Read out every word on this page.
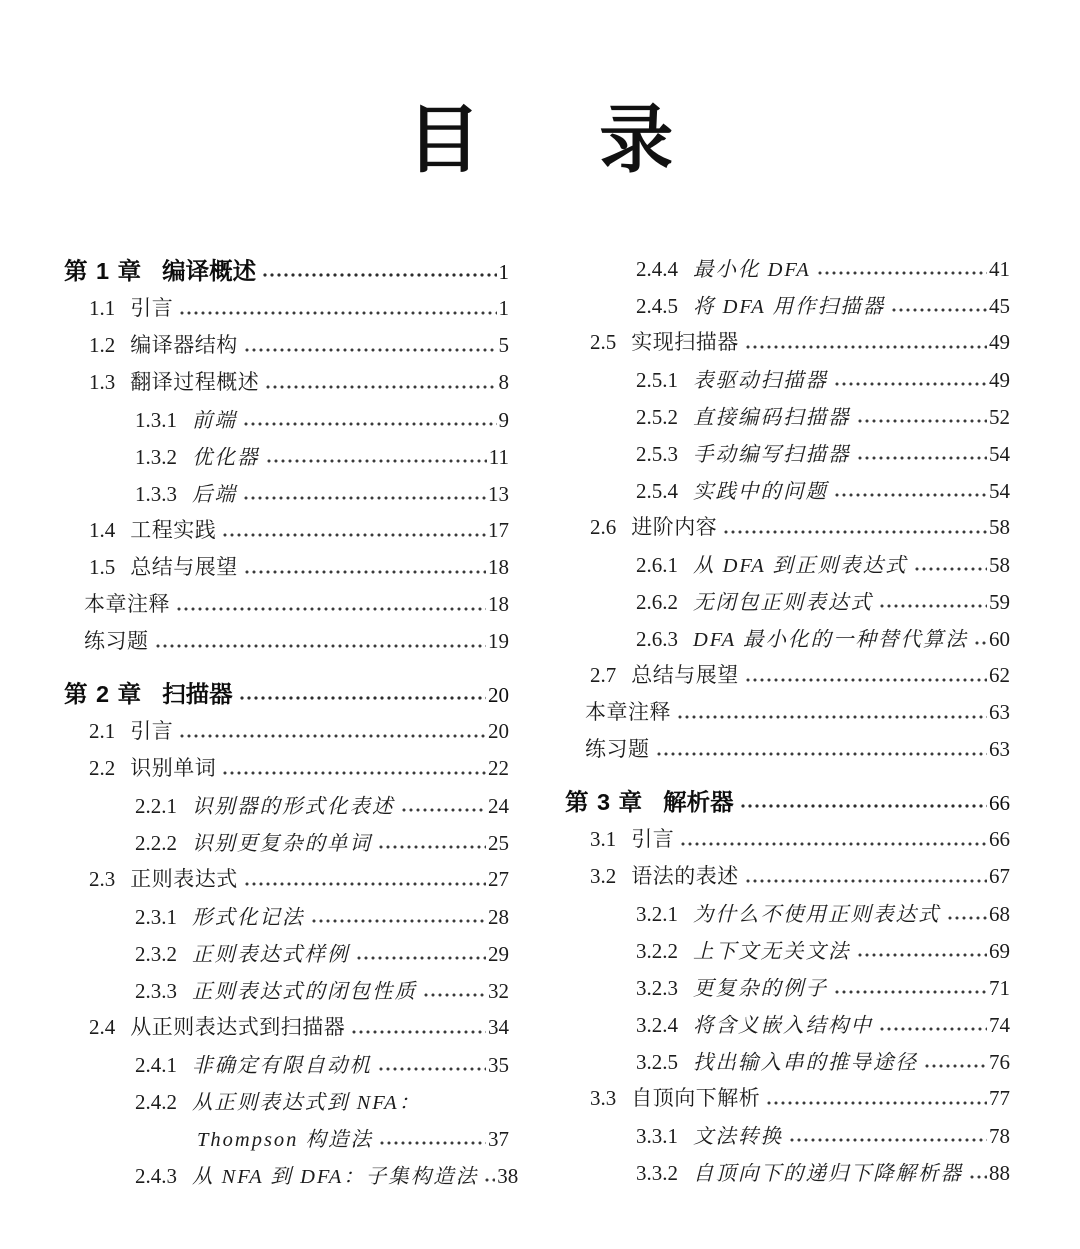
目 录
第 1 章 编译概述	1
1.1 引言	1
1.2 编译器结构	5
1.3 翻译过程概述	8
1.3.1 前端	9
1.3.2 优化器	11
1.3.3 后端	13
1.4 工程实践	17
1.5 总结与展望	18
本章注释	18
练习题	19
第 2 章 扫描器	20
2.1 引言	20
2.2 识别单词	22
2.2.1 识别器的形式化表述	24
2.2.2 识别更复杂的单词	25
2.3 正则表达式	27
2.3.1 形式化记法	28
2.3.2 正则表达式样例	29
2.3.3 正则表达式的闭包性质	32
2.4 从正则表达式到扫描器	34
2.4.1 非确定有限自动机	35
2.4.2 从正则表达式到 NFA：
Thompson 构造法	37
2.4.3 从 NFA 到 DFA：子集构造法 38
2.4.4 最小化 DFA	41
2.4.5 将 DFA 用作扫描器	45
2.5 实现扫描器	49
2.5.1 表驱动扫描器	49
2.5.2 直接编码扫描器	52
2.5.3 手动编写扫描器	54
2.5.4 实践中的问题	54
2.6 进阶内容	58
2.6.1 从 DFA 到正则表达式	58
2.6.2 无闭包正则表达式	59
2.6.3 DFA 最小化的一种替代算法 60
2.7 总结与展望	62
本章注释	63
练习题	63
第 3 章 解析器	66
3.1 引言	66
3.2 语法的表述	67
3.2.1 为什么不使用正则表达式 68
3.2.2 上下文无关文法	69
3.2.3 更复杂的例子	71
3.2.4 将含义嵌入结构中	74
3.2.5 找出输入串的推导途径	76
3.3 自顶向下解析	77
3.3.1 文法转换	78
3.3.2 自顶向下的递归下降解析器 88
